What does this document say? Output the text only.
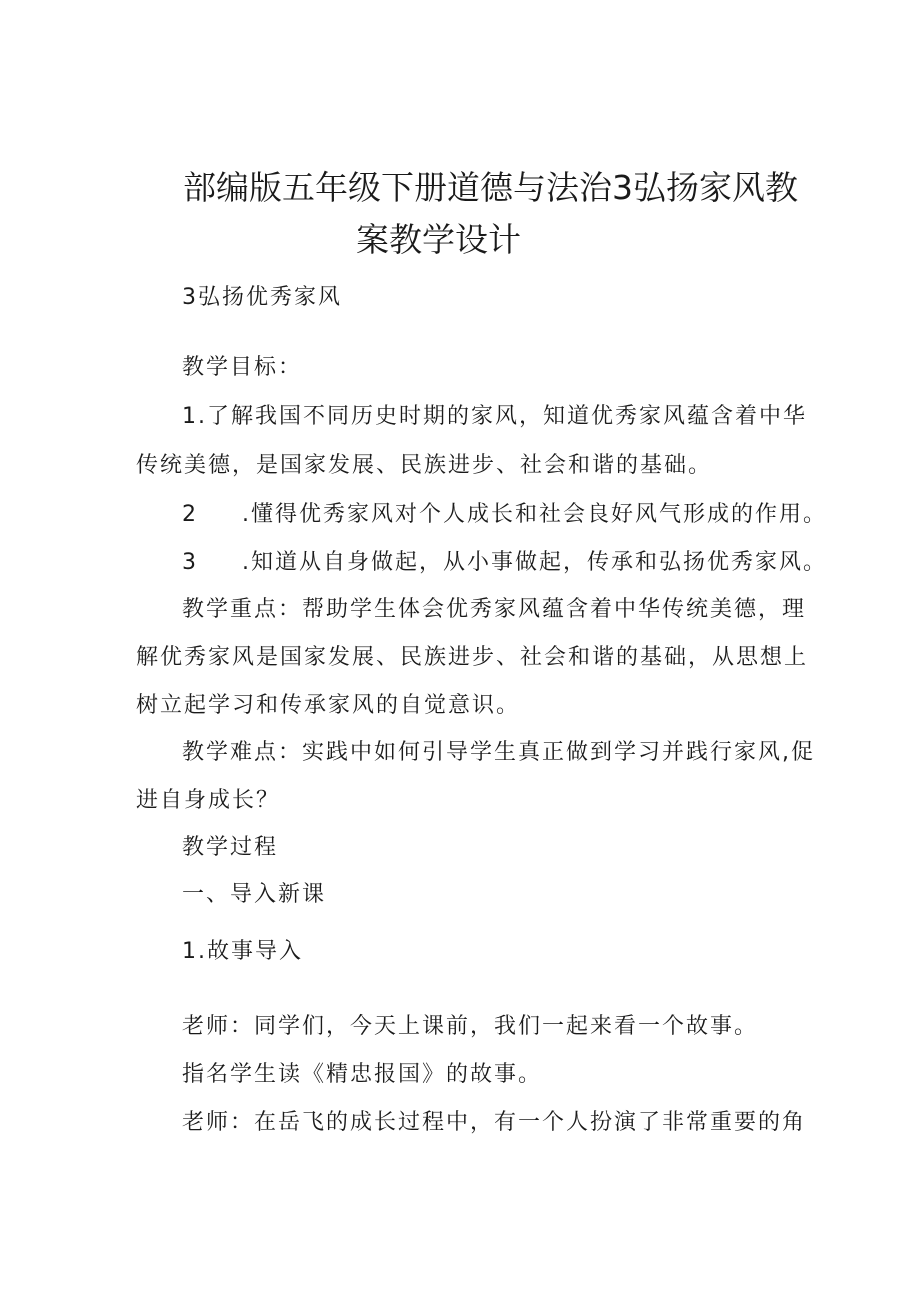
部编版五年级下册道德与法治3弘扬家风教
案教学设计

3弘扬优秀家风

教学目标：

1.了解我国不同历史时期的家风，知道优秀家风蕴含着中华

传统美德，是国家发展、民族进步、社会和谐的基础。

2 .懂得优秀家风对个人成长和社会良好风气形成的作用。

3 .知道从自身做起，从小事做起，传承和弘扬优秀家风。

教学重点：帮助学生体会优秀家风蕴含着中华传统美德，理

解优秀家风是国家发展、民族进步、社会和谐的基础，从思想上

树立起学习和传承家风的自觉意识。

教学难点：实践中如何引导学生真正做到学习并践行家风,促

进自身成长？

教学过程

一、导入新课

1.故事导入

老师：同学们，今天上课前，我们一起来看一个故事。

指名学生读《精忠报国》的故事。

老师：在岳飞的成长过程中，有一个人扮演了非常重要的角
